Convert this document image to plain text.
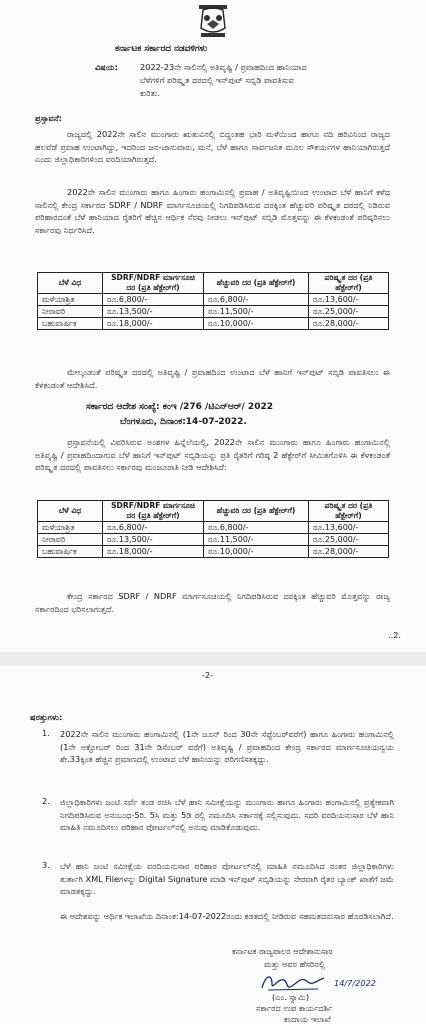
ಕರ್ನಾಟಕ ಸರ್ಕಾರದ ನಡವಳಿಗಳು
ವಿಷಯ:	2022-23ನೇ ಸಾಲಿನಲ್ಲಿ ಅತಿವೃಷ್ಟಿ / ಪ್ರವಾಹದಿಂದ ಹಾನಿಯಾದ
ಬೆಳೆಗಳಿಗೆ ಪರಿಷ್ಕೃತ ದರದಲ್ಲಿ ಇನ್‌ಪುಟ್ ಸಬ್ಸಿಡಿ ಪಾವತಿಸುವ
ಕುರಿತು.
ಪ್ರಸ್ತಾವನೆ:
ರಾಜ್ಯದಲ್ಲಿ 2022ನೇ ಸಾಲಿನ ಮುಂಗಾರು ಋತುವಿನಲ್ಲಿ ಬಿದ್ದಂತಹ ಭಾರಿ ಮಳೆಯಿಂದ ಹಾಗೂ ನದಿ ಹರಿವಿನಿಂದ ರಾಜ್ಯದ ಹಲವೆಡೆ ಪ್ರವಾಹ ಉಂಟಾಗಿದ್ದು, ಇದರಿಂದ ಜನ-ಜಾನುವಾರು, ಮನೆ, ಬೆಳೆ ಹಾಗೂ ಸಾರ್ವಜನಿಕ ಮೂಲ ಸೌಕರ್ಯಗಳ ಹಾನಿಯಾಗಿರುತ್ತದೆ ಎಂದು ಜಿಲ್ಲಾಧಿಕಾರಿಗಳಿಂದ ವರದಿಯಾಗಿರುತ್ತದೆ.
2022ನೇ ಸಾಲಿನ ಮುಂಗಾರು ಹಾಗೂ ಹಿಂಗಾರು ಹಂಗಾಮಿನಲ್ಲಿ ಪ್ರವಾಹ / ಅತಿವೃಷ್ಟಿಯಿಂದ ಉಂಟಾದ ಬೆಳೆ ಹಾನಿಗೆ ಕಳೆದ ಸಾಲಿನಲ್ಲಿ ಕೇಂದ್ರ ಸರ್ಕಾರದ SDRF / NDRF ಮಾರ್ಗಸೂಚಿಯಲ್ಲಿ ನಿಗದಿಪಡಿಸಿರುವ ದರಕ್ಕಿಂತ ಹೆಚ್ಚುವರಿ ಪರಿಷ್ಕೃತ ದರದಲ್ಲಿ ನಿಡಿರುವ ಪರಿಹಾರದಂತೆ ಬೆಳೆ ಹಾನಿಯಾದ ರೈತರಿಗೆ ಹೆಚ್ಚಿನ ಆರ್ಥಿಕ ನೆರವು ನೀಡಲು ಇನ್‌ಪುಟ್ ಸಬ್ಸಿಡಿ ಮೊತ್ತವನ್ನು ಈ ಕೆಳಕಂಡಂತೆ ಪರಿಷ್ಕರಿಸಲು ಸರ್ಕಾರವು ನಿರ್ಧರಿಸಿದೆ.
ಬೆಳೆ ವಿಧ	SDRF/NDRF ಮಾರ್ಗಸೂಚಿ ದರ (ಪ್ರತಿ ಹೆಕ್ಟೇರ್‌ಗೆ)	ಹೆಚ್ಚುವರಿ ದರ (ಪ್ರತಿ ಹೆಕ್ಟೇರ್‌ಗೆ)	ಪರಿಷ್ಕೃತ ದರ (ಪ್ರತಿ ಹೆಕ್ಟೇರ್‌ಗೆ)
ಮಳೆಯಾಶ್ರಿತ	ರೂ.6,800/-	ರೂ.6,800/-	ರೂ.13,600/-
ನೀರಾವರಿ	ರೂ.13,500/-	ರೂ.11,500/-	ರೂ.25,000/-
ಬಹುವಾರ್ಷಿಕ	ರೂ.18,000/-	ರೂ.10,000/-	ರೂ.28,000/-
ಮೇಲ್ಕಂಡಂತೆ ಪರಿಷ್ಕೃತ ದರದಲ್ಲಿ ಅತಿವೃಷ್ಟಿ / ಪ್ರವಾಹದಿಂದ ಉಂಟಾದ ಬೆಳೆ ಹಾನಿಗೆ ಇನ್‌ಪುಟ್ ಸಬ್ಸಿಡಿ ಪಾವತಿಸಲು ಈ ಕೆಳಕಂಡಂತೆ ಆದೇಶಿಸಿದೆ.
ಸರ್ಕಾರದ ಆದೇಶ ಸಂಖ್ಯೆ: ಕಂಇ /276 /ಟಿಎನ್‌ಆರ್/ 2022
ಬೆಂಗಳೂರು, ದಿನಾಂಕ:14-07-2022.
ಪ್ರಸ್ತಾವನೆಯಲ್ಲಿ ವಿವರಿಸಿರುವ ಅಂಶಗಳ ಹಿನ್ನೆಲೆಯಲ್ಲಿ, 2022ನೇ ಸಾಲಿನ ಮುಂಗಾರು ಹಾಗೂ ಹಿಂಗಾರು ಹಂಗಾಮಿನಲ್ಲಿ ಅತಿವೃಷ್ಟಿ / ಪ್ರವಾಹದಿಂದಾಗುವ ಬೆಳೆ ಹಾನಿಗೆ ಇನ್‌ಪುಟ್ ಸಬ್ಸಿಡಿಯನ್ನು ಪ್ರತಿ ರೈತರಿಗೆ ಗರಿಷ್ಠ 2 ಹೆಕ್ಟೇರ್‌ಗೆ ಸೀಮಿತಗೊಳಿಸಿ ಈ ಕೆಳಕಂಡಂತೆ ಪರಿಷ್ಕೃತ ದರದಲ್ಲಿ ಪಾವತಿಸಲು ಸರ್ಕಾರವು ಮಂಜೂರಾತಿ ನೀಡಿ ಆದೇಶಿಸಿದೆ:
ಬೆಳೆ ವಿಧ	SDRF/NDRF ಮಾರ್ಗಸೂಚಿ ದರ (ಪ್ರತಿ ಹೆಕ್ಟೇರ್‌ಗೆ)	ಹೆಚ್ಚುವರಿ ದರ (ಪ್ರತಿ ಹೆಕ್ಟೇರ್‌ಗೆ)	ಪರಿಷ್ಕೃತ ದರ (ಪ್ರತಿ ಹೆಕ್ಟೇರ್‌ಗೆ)
ಮಳೆಯಾಶ್ರಿತ	ರೂ.6,800/-	ರೂ.6,800/-	ರೂ.13,600/-
ನೀರಾವರಿ	ರೂ.13,500/-	ರೂ.11,500/-	ರೂ.25,000/-
ಬಹುವಾರ್ಷಿಕ	ರೂ.18,000/-	ರೂ.10,000/-	ರೂ.28,000/-
ಕೇಂದ್ರ ಸರ್ಕಾರದ SDRF / NDRF ಮಾರ್ಗಸೂಚಿಯಲ್ಲಿ ನಿಗದಿಪಡಿಸಿರುವ ದರಕ್ಕಿಂತ ಹೆಚ್ಚುವರಿ ಮೊತ್ತವನ್ನು ರಾಜ್ಯ ಸರ್ಕಾರದಿಂದ ಭರಿಸಲಾಗುತ್ತದೆ.
..2.
-2-
ಷರತ್ತುಗಳು:
1. 2022ನೇ ಸಾಲಿನ ಮುಂಗಾರು ಹಂಗಾಮಿನಲ್ಲಿ (1ನೇ ಜೂನ್ ರಿಂದ 30ನೇ ಸೆಪ್ಟೆಂಬರ್‌ವರೆಗೆ) ಹಾಗೂ ಹಿಂಗಾರು ಹಂಗಾಮಿನಲ್ಲಿ (1ನೇ ಅಕ್ಟೋಬರ್ ರಿಂದ 31ನೇ ಡಿಸೆಂಬರ್ ವರೆಗೆ) ಅತಿವೃಷ್ಟಿ / ಪ್ರವಾಹದಿಂದ ಕೇಂದ್ರ ಸರ್ಕಾರದ ಮಾರ್ಗಸೂಚಿಯನ್ವಯ ಶೇ.33ಕ್ಕಿಂತ ಹೆಚ್ಚಿನ ಪ್ರಮಾಣದಲ್ಲಿ ಉಂಟಾದ ಬೆಳೆ ಹಾನಿಯನ್ನು ಪರಿಗಣಿಸತಕ್ಕದ್ದು.
2. ಜಿಲ್ಲಾಧಿಕಾರಿಗಳು ಜಂಟಿ ಸರ್ವೆ ತಂಡ ರಚಿಸಿ ಬೆಳೆ ಹಾನಿ ಸಮೀಕ್ಷೆಯನ್ನು ಮುಂಗಾರು ಹಾಗೂ ಹಿಂಗಾರು ಹಂಗಾಮಿನಲ್ಲಿ ಪ್ರತ್ಯೇಕವಾಗಿ ನಿಗದಿಪಡಿಸಿರುವ ಅನುಬಂಧ-5ರಿ. 5ಸಿ ಮತ್ತು 5ಡಿ ರಲ್ಲಿ ನಮೂದಿಸಿ ಸರ್ಕಾರಕ್ಕೆ ಸಲ್ಲಿಸುವುದು. ಸದರಿ ವರದಿಯನುಸಾರ ಬೆಳೆ ಹಾನಿ ಮಾಹಿತಿ ನಮೂದಿಸಲು ಪರಿಹಾರ ಪೋರ್ಟಲ್‌ನಲ್ಲಿ ಅನುವು ಮಾಡಿಕೊಡುವುದು.
3. ಬೆಳೆ ಹಾನಿ ಜಂಟಿ ಸಮೀಕ್ಷೆಯ ವರದಿಯನುಸಾರ ಪರಿಹಾರ ಪೋರ್ಟಲ್‌ನಲ್ಲಿ ಮಾಹಿತಿ ನಮೂದಿಸಿದ ನಂತರ ಜಿಲ್ಲಾಧಿಕಾರಿಗಳು ತುರ್ತಾಗಿ XML Fileಗಳನ್ನು Digital Signature ಮಾಡಿ ಇನ್‌ಪುಟ್ ಸಬ್ಸಿಡಿಯನ್ನು ನೇರವಾಗಿ ರೈತರ ಬ್ಯಾಂಕ್ ಖಾತೆಗೆ ಜಮೆ ಮಾಡತಕ್ಕದ್ದು.
ಈ ಆದೇಶವನ್ನು ಆರ್ಥಿಕ ಇಲಾಖೆಯ ದಿನಾಂಕ:14-07-2022ರಂದು ಕಡತದಲ್ಲಿ ನೀಡಿರುವ ಸಹಮತದನುಸಾರ ಹೊರಡಿಸಲಾಗಿದೆ.
ಕರ್ನಾಟಕ ರಾಜ್ಯಪಾಲರ ಆದೇಶಾನುಸಾರ
ಮತ್ತು ಅವರ ಹೆಸರಿನಲ್ಲಿ
14/7/2022
(ಎಂ. ಸ್ವಾಮಿ)
ಸರ್ಕಾರದ ಉಪ ಕಾರ್ಯದರ್ಶಿ
ಕಂದಾಯ ಇಲಾಖೆ
